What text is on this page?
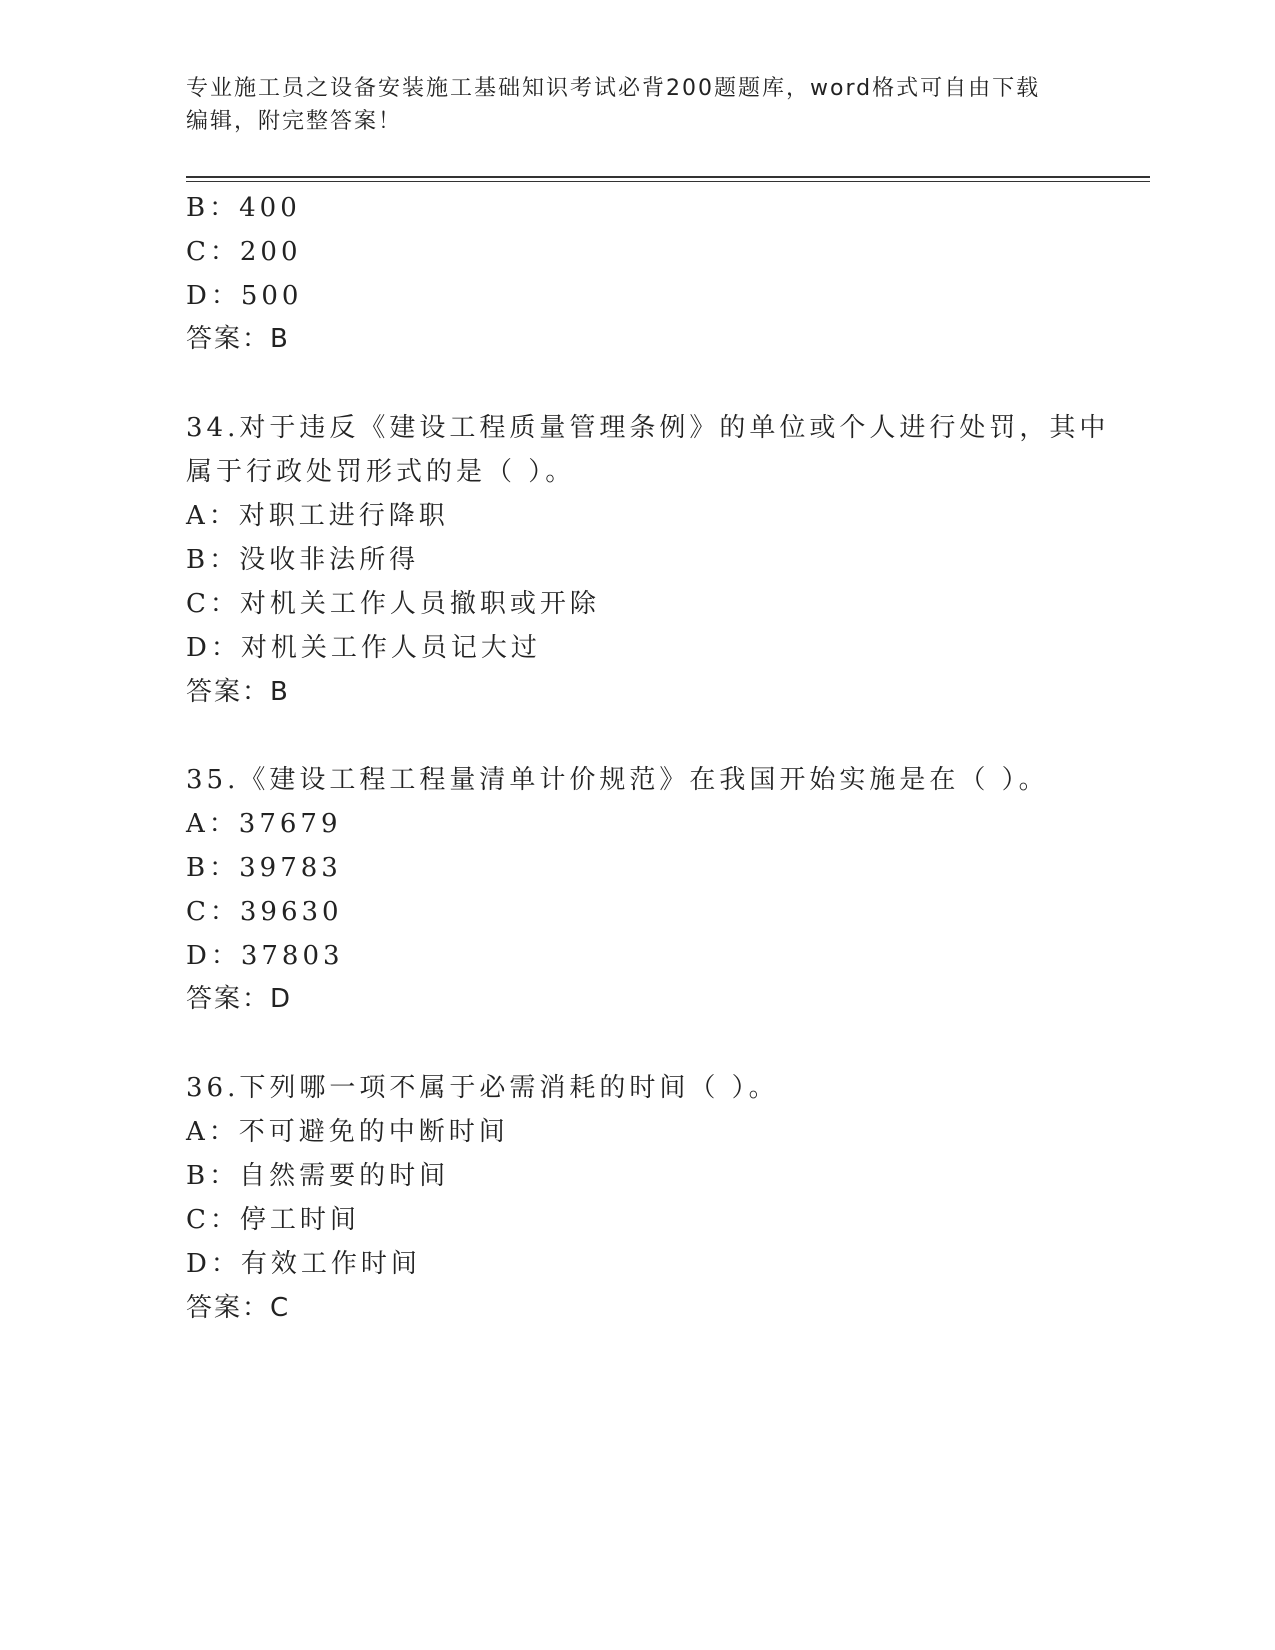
专业施工员之设备安装施工基础知识考试必背200题题库，word格式可自由下载
编辑，附完整答案！
B：400
C：200
D：500
答案：B
34.对于违反《建设工程质量管理条例》的单位或个人进行处罚，其中
属于行政处罚形式的是（ ）。
A：对职工进行降职
B：没收非法所得
C：对机关工作人员撤职或开除
D：对机关工作人员记大过
答案：B
35.《建设工程工程量清单计价规范》在我国开始实施是在（ ）。
A：37679
B：39783
C：39630
D：37803
答案：D
36.下列哪一项不属于必需消耗的时间（ ）。
A：不可避免的中断时间
B：自然需要的时间
C：停工时间
D：有效工作时间
答案：C
